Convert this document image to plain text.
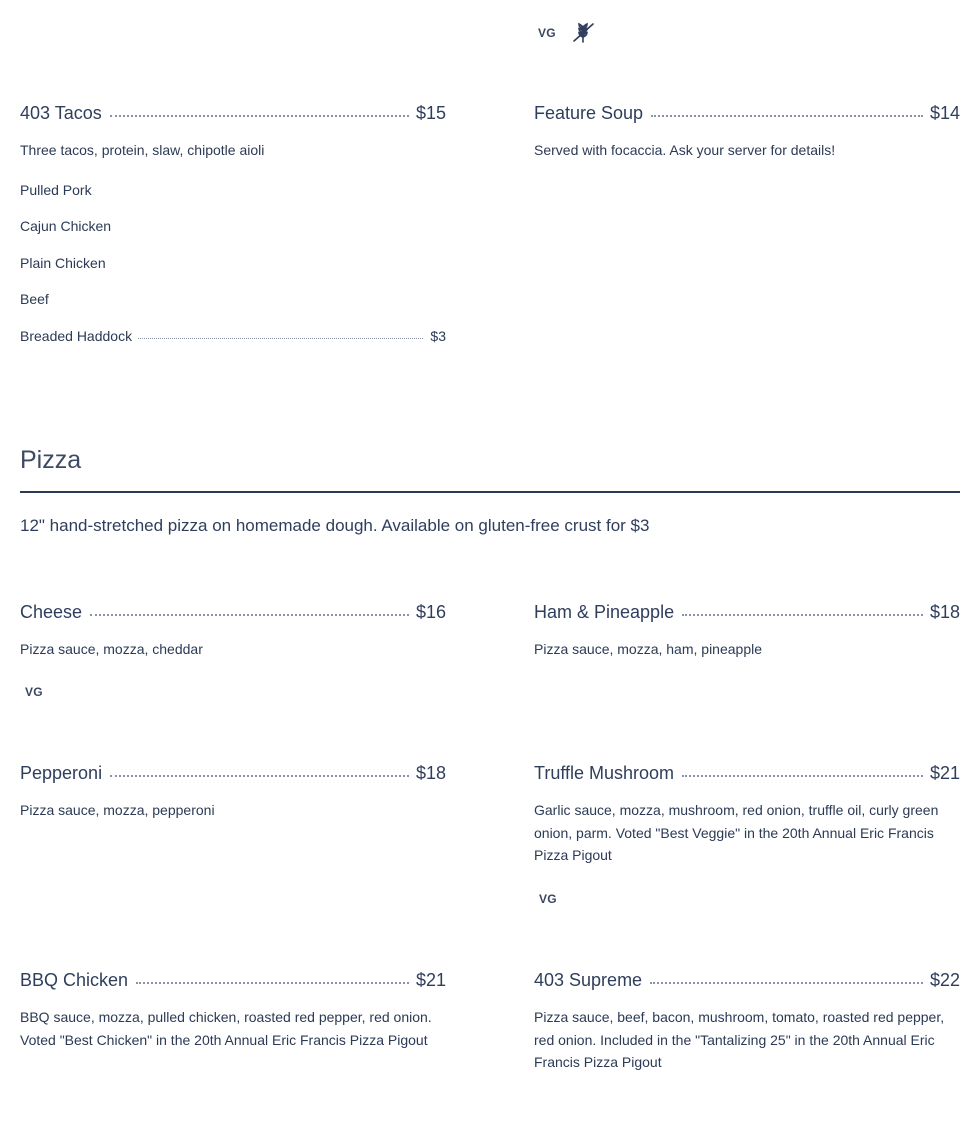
VG
403 Tacos	$15
Three tacos, protein, slaw, chipotle aioli
Pulled Pork
Cajun Chicken
Plain Chicken
Beef
Breaded Haddock	$3
Feature Soup	$14
Served with focaccia. Ask your server for details!
Pizza
12" hand-stretched pizza on homemade dough. Available on gluten-free crust for $3
Cheese	$16
Pizza sauce, mozza, cheddar
VG
Ham & Pineapple	$18
Pizza sauce, mozza, ham, pineapple
Pepperoni	$18
Pizza sauce, mozza, pepperoni
Truffle Mushroom	$21
Garlic sauce, mozza, mushroom, red onion, truffle oil, curly green onion, parm. Voted "Best Veggie" in the 20th Annual Eric Francis Pizza Pigout
VG
BBQ Chicken	$21
BBQ sauce, mozza, pulled chicken, roasted red pepper, red onion. Voted "Best Chicken" in the 20th Annual Eric Francis Pizza Pigout
403 Supreme	$22
Pizza sauce, beef, bacon, mushroom, tomato, roasted red pepper, red onion. Included in the "Tantalizing 25" in the 20th Annual Eric Francis Pizza Pigout
